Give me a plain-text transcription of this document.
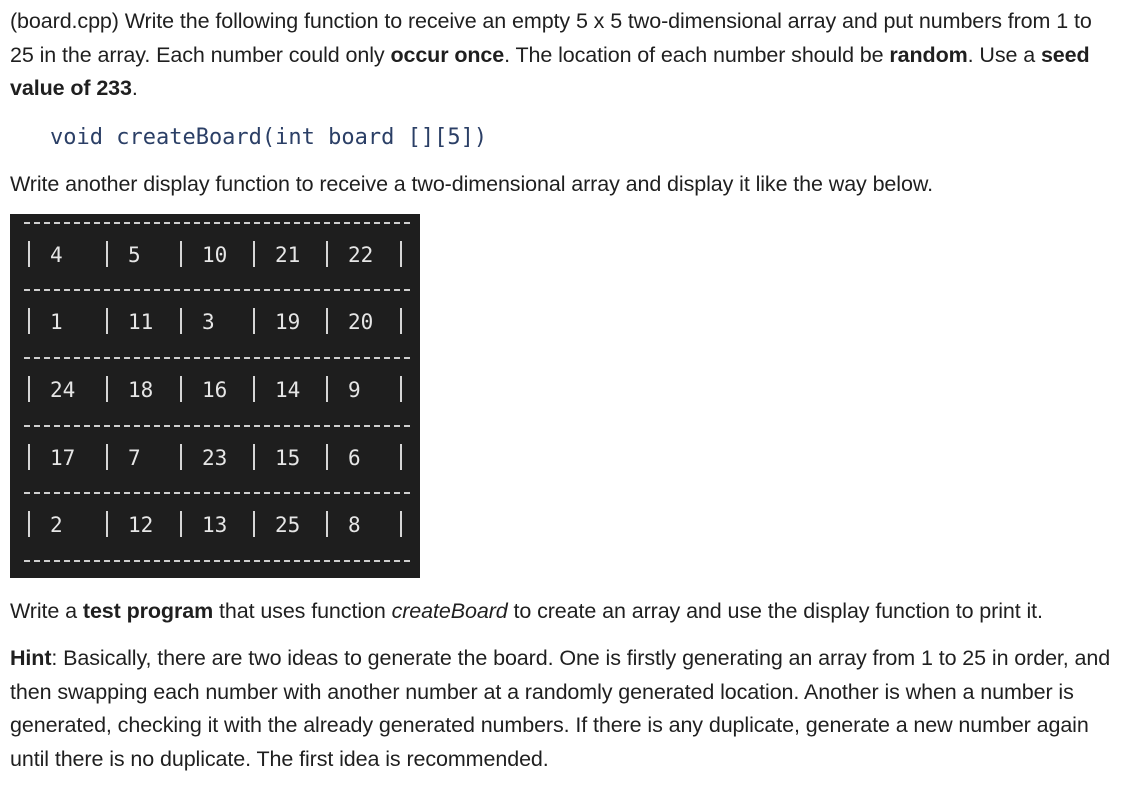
(board.cpp) Write the following function to receive an empty 5 x 5 two-dimensional array and put numbers from 1 to 25 in the array. Each number could only occur once. The location of each number should be random. Use a seed value of 233.

void createBoard(int board [][5])

Write another display function to receive a two-dimensional array and display it like the way below.

4	5	10 21 22
1	11 3	19 20
24	18 16 14 9
17	7	23 15 6
2	12 13 25 8

Write a test program that uses function createBoard to create an array and use the display function to print it.

Hint: Basically, there are two ideas to generate the board. One is firstly generating an array from 1 to 25 in order, and then swapping each number with another number at a randomly generated location. Another is when a number is generated, checking it with the already generated numbers. If there is any duplicate, generate a new number again until there is no duplicate. The first idea is recommended.
